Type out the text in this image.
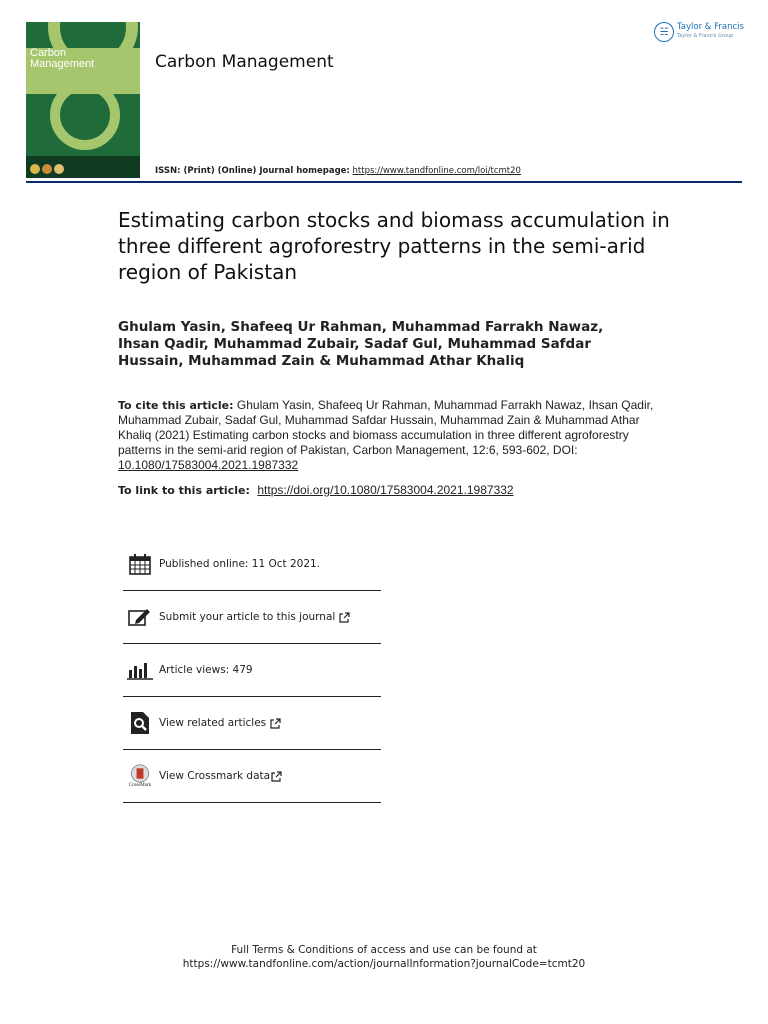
Carbon
Management	Carbon Management
ISSN: (Print) (Online) Journal homepage: https://www.tandfonline.com/loi/tcmt20
☵	Taylor & Francis
Taylor & Francis Group
Estimating carbon stocks and biomass accumulation in three different agroforestry patterns in the semi-arid region of Pakistan
Ghulam Yasin, Shafeeq Ur Rahman, Muhammad Farrakh Nawaz, Ihsan Qadir, Muhammad Zubair, Sadaf Gul, Muhammad Safdar Hussain, Muhammad Zain & Muhammad Athar Khaliq
To cite this article: Ghulam Yasin, Shafeeq Ur Rahman, Muhammad Farrakh Nawaz, Ihsan Qadir, Muhammad Zubair, Sadaf Gul, Muhammad Safdar Hussain, Muhammad Zain & Muhammad Athar Khaliq (2021) Estimating carbon stocks and biomass accumulation in three different agroforestry patterns in the semi-arid region of Pakistan, Carbon Management, 12:6, 593-602, DOI: 10.1080/17583004.2021.1987332
To link to this article: https://doi.org/10.1080/17583004.2021.1987332
Published online: 11 Oct 2021.
Submit your article to this journal
Article views: 479
View related articles
CrossMark
View Crossmark data
Full Terms & Conditions of access and use can be found at
https://www.tandfonline.com/action/journalInformation?journalCode=tcmt20
